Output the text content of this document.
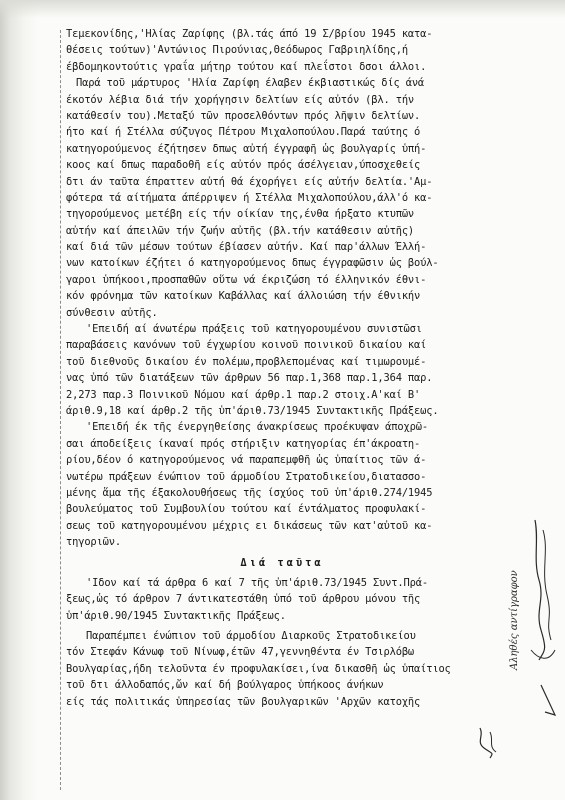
Τεμεκονίδης,'Ηλίας Ζαρίφης (βλ.τάς άπό 19 Σ/βρίου 1945 κατα-
θέσεις τούτων)'Αντώνιος Πιρούνιας,Θεόδωρος Γαβριηλίδης,ή
έβδομηκοντούτις γραΐα μήτηρ τούτου καί πλεΐστοι δσοι άλλοι.
Παρά τοῦ μάρτυρος 'Ηλία Ζαρίφη έλαβεν έκβιαστικώς δίς άνά
έκοτόν λέβια διά τήν χορήγησιν δελτίων είς αὐτόν (βλ. τήν
κατάθεσίν του).Μεταξύ τῶν προσελθόντων πρός λῆψιν δελτίων.
ήτο καί ή Στέλλα σύζυγος Πέτρου Μιχαλοπούλου.Παρά ταύτης ό
κατηγορούμενος έζήτησεν δπως αὐτή έγγραφῆ ὡς βουλγαρίς ὑπή-
κοος καί δπως παραδοθῆ είς αὐτόν πρός άσέλγειαν,ύποσχεθείς
δτι άν ταῦτα έπραττεν αὐτή θά έχορήγει είς αὐτήν δελτία.'Αμ-
φότερα τά αίτήματα άπέρριψεν ή Στέλλα Μιχαλοπούλου,άλλ'ό κα-
τηγορούμενος μετέβη είς τήν οίκίαν της,ένθα ήρξατο κτυπῶν
αὐτήν καί άπειλῶν τήν ζωήν αὐτῆς (βλ.τήν κατάθεσιν αὐτῆς)
καί διά τῶν μέσων τούτων έβίασεν αὐτήν. Καί παρ'άλλων Έλλή-
νων κατοίκων έζήτει ό κατηγορούμενος δπως έγγραφῶσιν ὡς βούλ-
γαροι ὑπήκοοι,προσπαθῶν οὕτω νά έκριζώση τό έλληνικόν έθνι-
κόν φρόνημα τῶν κατοίκων Καβάλλας καί άλλοιώση τήν έθνικήν
σύνθεσιν αὐτῆς.
'Επειδή αί άνωτέρω πράξεις τοῦ κατηγορουμένου συνιστῶσι
παραβάσεις κανόνων τοῦ έγχωρίου κοινοῦ ποινικοῦ δικαίου καί
τοῦ διεθνοῦς δικαίου έν πολέμω,προβλεπομένας καί τιμωρουμέ-
νας ὑπό τῶν διατάξεων τῶν άρθρων 56 παρ.1,368 παρ.1,364 παρ.
2,273 παρ.3 Ποινικοῦ Νόμου καί άρθρ.1 παρ.2 στοιχ.Α'καί Β'
άριθ.9,18 καί άρθρ.2 τῆς ὑπ'άριθ.73/1945 Συντακτικῆς Πράξεως.
'Επειδή έκ τῆς ένεργηθείσης άνακρίσεως προέκυψαν άποχρῶ-
σαι άποδείξεις ίκαναί πρός στήριξιν κατηγορίας έπ'άκροατη-
ρίου,δέον ό κατηγορούμενος νά παραπεμφθῆ ὡς ὑπαίτιος τῶν ά-
νωτέρω πράξεων ένώπιον τοῦ άρμοδίου Στρατοδικείου,διατασσο-
μένης ἅμα τῆς έξακολουθήσεως τῆς ίσχύος τοῦ ὑπ'άριθ.274/1945
βουλεύματος τοῦ Συμβουλίου τούτου καί έντάλματος προφυλακί-
σεως τοῦ κατηγορουμένου μέχρις ει δικάσεως τῶν κατ'αὐτοῦ κα-
τηγοριῶν.
Διά ταῦτα
'Ιδον καί τά άρθρα 6 καί 7 τῆς ὑπ'άριθ.73/1945 Συντ.Πρά-
ξεως,ὡς τό άρθρον 7 άντικατεστάθη ὑπό τοῦ άρθρου μόνου τῆς
ὑπ'άριθ.90/1945 Συντακτικῆς Πράξεως.
Παραπέμπει ένώπιον τοῦ άρμοδίου Διαρκοῦς Στρατοδικείου
τόν Στεφάν Κάνωφ τοῦ Νίνωφ,έτῶν 47,γεννηθέντα έν Τσιρλόβω
Βουλγαρίας,ήδη τελοῦντα έν προφυλακίσει,ίνα δικασθῆ ὡς ὑπαίτιος
τοῦ δτι άλλοδαπός,ὤν καί δή βούλγαρος ὑπήκοος άνήκων
είς τάς πολιτικάς ὑπηρεσίας τῶν βουλγαρικῶν 'Αρχῶν κατοχῆς
Αληθές αντίγραφον
